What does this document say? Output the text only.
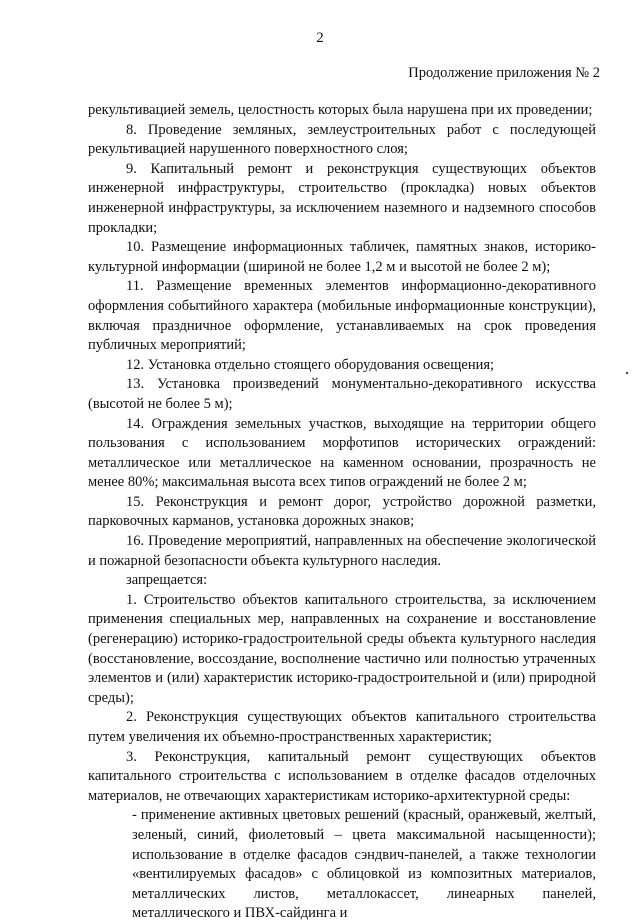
2
Продолжение приложения № 2

рекультивацией земель, целостность которых была нарушена при их проведении;

8. Проведение земляных, землеустроительных работ с последующей рекультивацией нарушенного поверхностного слоя;

9. Капитальный ремонт и реконструкция существующих объектов инженерной инфраструктуры, строительство (прокладка) новых объектов инженерной инфраструктуры, за исключением наземного и надземного способов прокладки;

10. Размещение информационных табличек, памятных знаков, историко-культурной информации (шириной не более 1,2 м и высотой не более 2 м);

11. Размещение временных элементов информационно-декоративного оформления событийного характера (мобильные информационные конструкции), включая праздничное оформление, устанавливаемых на срок проведения публичных мероприятий;

12. Установка отдельно стоящего оборудования освещения;

13. Установка произведений монументально-декоративного искусства (высотой не более 5 м);

14. Ограждения земельных участков, выходящие на территории общего пользования с использованием морфотипов исторических ограждений: металлическое или металлическое на каменном основании, прозрачность не менее 80%; максимальная высота всех типов ограждений не более 2 м;

15. Реконструкция и ремонт дорог, устройство дорожной разметки, парковочных карманов, установка дорожных знаков;

16. Проведение мероприятий, направленных на обеспечение экологической и пожарной безопасности объекта культурного наследия.

запрещается:

1. Строительство объектов капитального строительства, за исключением применения специальных мер, направленных на сохранение и восстановление (регенерацию) историко-градостроительной среды объекта культурного наследия (восстановление, воссоздание, восполнение частично или полностью утраченных элементов и (или) характеристик историко-градостроительной и (или) природной среды);

2. Реконструкция существующих объектов капитального строительства путем увеличения их объемно-пространственных характеристик;

3. Реконструкция, капитальный ремонт существующих объектов капитального строительства с использованием в отделке фасадов отделочных материалов, не отвечающих характеристикам историко-архитектурной среды:

- применение активных цветовых решений (красный, оранжевый, желтый, зеленый, синий, фиолетовый – цвета максимальной насыщенности); использование в отделке фасадов сэндвич-панелей, а также технологии «вентилируемых фасадов» с облицовкой из композитных материалов, металлических листов, металлокассет, линеарных панелей, металлического и ПВХ-сайдинга и
